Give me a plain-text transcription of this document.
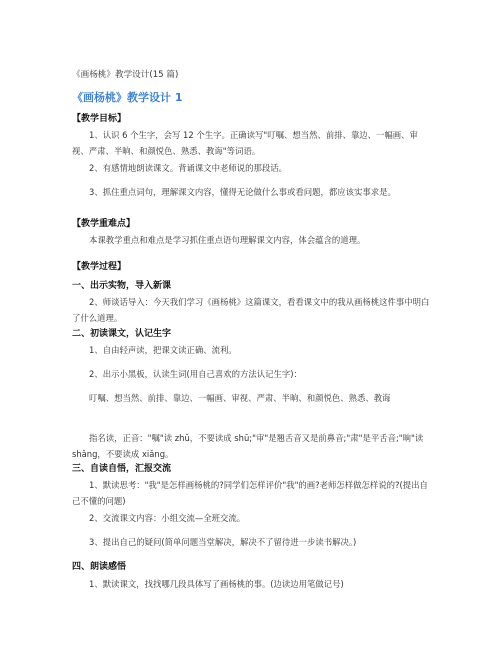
《画杨桃》教学设计(15 篇)
《画杨桃》教学设计 1
【教学目标】

1、认识 6 个生字，会写 12 个生字。正确读写"叮嘱、想当然、前排、靠边、一幅画、审视、严肃、半晌、和颜悦色、熟悉、教诲"等词语。

2、有感情地朗读课文。背诵课文中老师说的那段话。

3、抓住重点词句，理解课文内容，懂得无论做什么事或看问题，都应该实事求是。

【教学重难点】

本课教学重点和难点是学习抓住重点语句理解课文内容，体会蕴含的道理。

【教学过程】
一、出示实物，导入新课

2、师谈话导入：今天我们学习《画杨桃》这篇课文，看看课文中的我从画杨桃这件事中明白了什么道理。

二、初读课文，认记生字

1、自由轻声读，把课文读正确、流利。

2、出示小黑板，认读生词(用自己喜欢的方法认记生字)：

叮嘱、想当然、前排、靠边、一幅画、审视、严肃、半晌、和颜悦色、熟悉、教诲

指名读，正音："嘱"读 zhǔ，不要读成 shū;"审"是翘舌音又是前鼻音;"肃"是平舌音;"晌"读 shǎng，不要读成 xiǎng。

三、自读自悟，汇报交流

1、默读思考："我"是怎样画杨桃的?同学们怎样评价"我"的画?老师怎样做怎样说的?(提出自己不懂的问题)

2、交流课文内容：小组交流—全班交流。

3、提出自己的疑问(简单问题当堂解决，解决不了留待进一步读书解决。)

四、朗读感悟

1、默读课文，找找哪几段具体写了画杨桃的事。(边读边用笔做记号)
